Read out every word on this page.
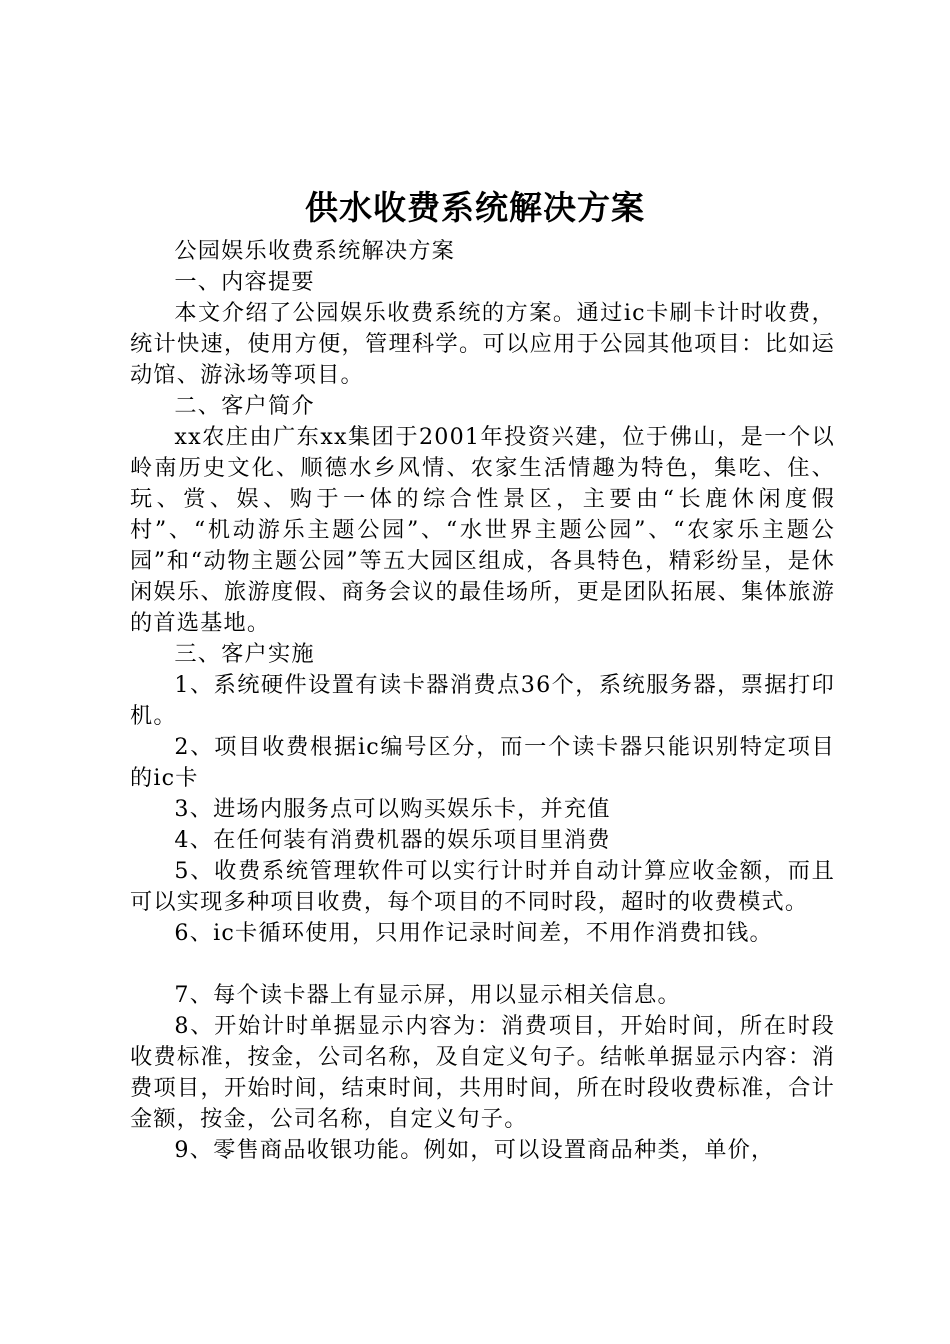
供水收费系统解决方案

公园娱乐收费系统解决方案

一、内容提要

本文介绍了公园娱乐收费系统的方案。通过ic卡刷卡计时收费，统计快速，使用方便，管理科学。可以应用于公园其他项目：比如运动馆、游泳场等项目。

二、客户简介

xx农庄由广东xx集团于2001年投资兴建，位于佛山，是一个以岭南历史文化、顺德水乡风情、农家生活情趣为特色，集吃、住、玩、赏、娱、购于一体的综合性景区，主要由“长鹿休闲度假村”、“机动游乐主题公园”、“水世界主题公园”、“农家乐主题公园”和“动物主题公园”等五大园区组成，各具特色，精彩纷呈，是休闲娱乐、旅游度假、商务会议的最佳场所，更是团队拓展、集体旅游的首选基地。

三、客户实施

1、系统硬件设置有读卡器消费点36个，系统服务器，票据打印机。

2、项目收费根据ic编号区分，而一个读卡器只能识别特定项目的ic卡

3、进场内服务点可以购买娱乐卡，并充值

4、在任何装有消费机器的娱乐项目里消费

5、收费系统管理软件可以实行计时并自动计算应收金额，而且可以实现多种项目收费，每个项目的不同时段，超时的收费模式。

6、ic卡循环使用，只用作记录时间差，不用作消费扣钱。

7、每个读卡器上有显示屏，用以显示相关信息。

8、开始计时单据显示内容为：消费项目，开始时间，所在时段收费标准，按金，公司名称，及自定义句子。结帐单据显示内容：消费项目，开始时间，结束时间，共用时间，所在时段收费标准，合计金额，按金，公司名称，自定义句子。

9、零售商品收银功能。例如，可以设置商品种类，单价，
